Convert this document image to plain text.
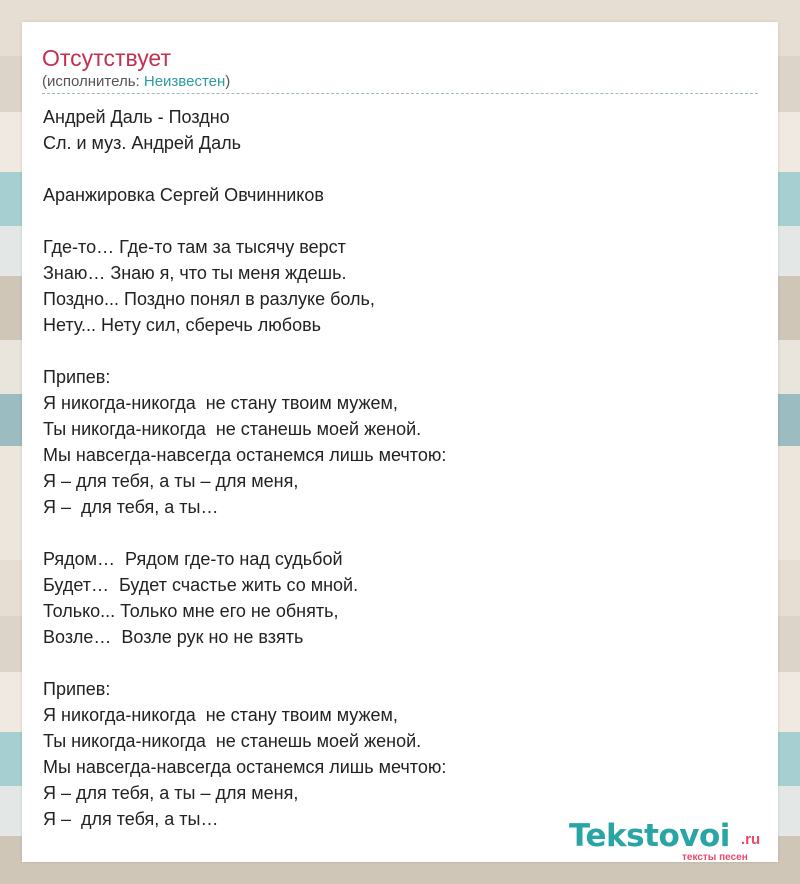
Отсутствует
(исполнитель: Неизвестен)
Андрей Даль - Поздно
Сл. и муз. Андрей Даль
Аранжировка Сергей Овчинников
Где-то… Где-то там за тысячу верст
Знаю… Знаю я, что ты меня ждешь.
Поздно... Поздно понял в разлуке боль,
Нету... Нету сил, сберечь любовь
Припев:
Я никогда-никогда  не стану твоим мужем,
Ты никогда-никогда  не станешь моей женой.
Мы навсегда-навсегда останемся лишь мечтою:
Я – для тебя, а ты – для меня,
Я –  для тебя, а ты…
Рядом…  Рядом где-то над судьбой
Будет…  Будет счастье жить со мной.
Только... Только мне его не обнять,
Возле…  Возле рук но не взять
Припев:
Я никогда-никогда  не стану твоим мужем,
Ты никогда-никогда  не станешь моей женой.
Мы навсегда-навсегда останемся лишь мечтою:
Я – для тебя, а ты – для меня,
Я –  для тебя, а ты…	Tekstovoi .ru
тексты песен
